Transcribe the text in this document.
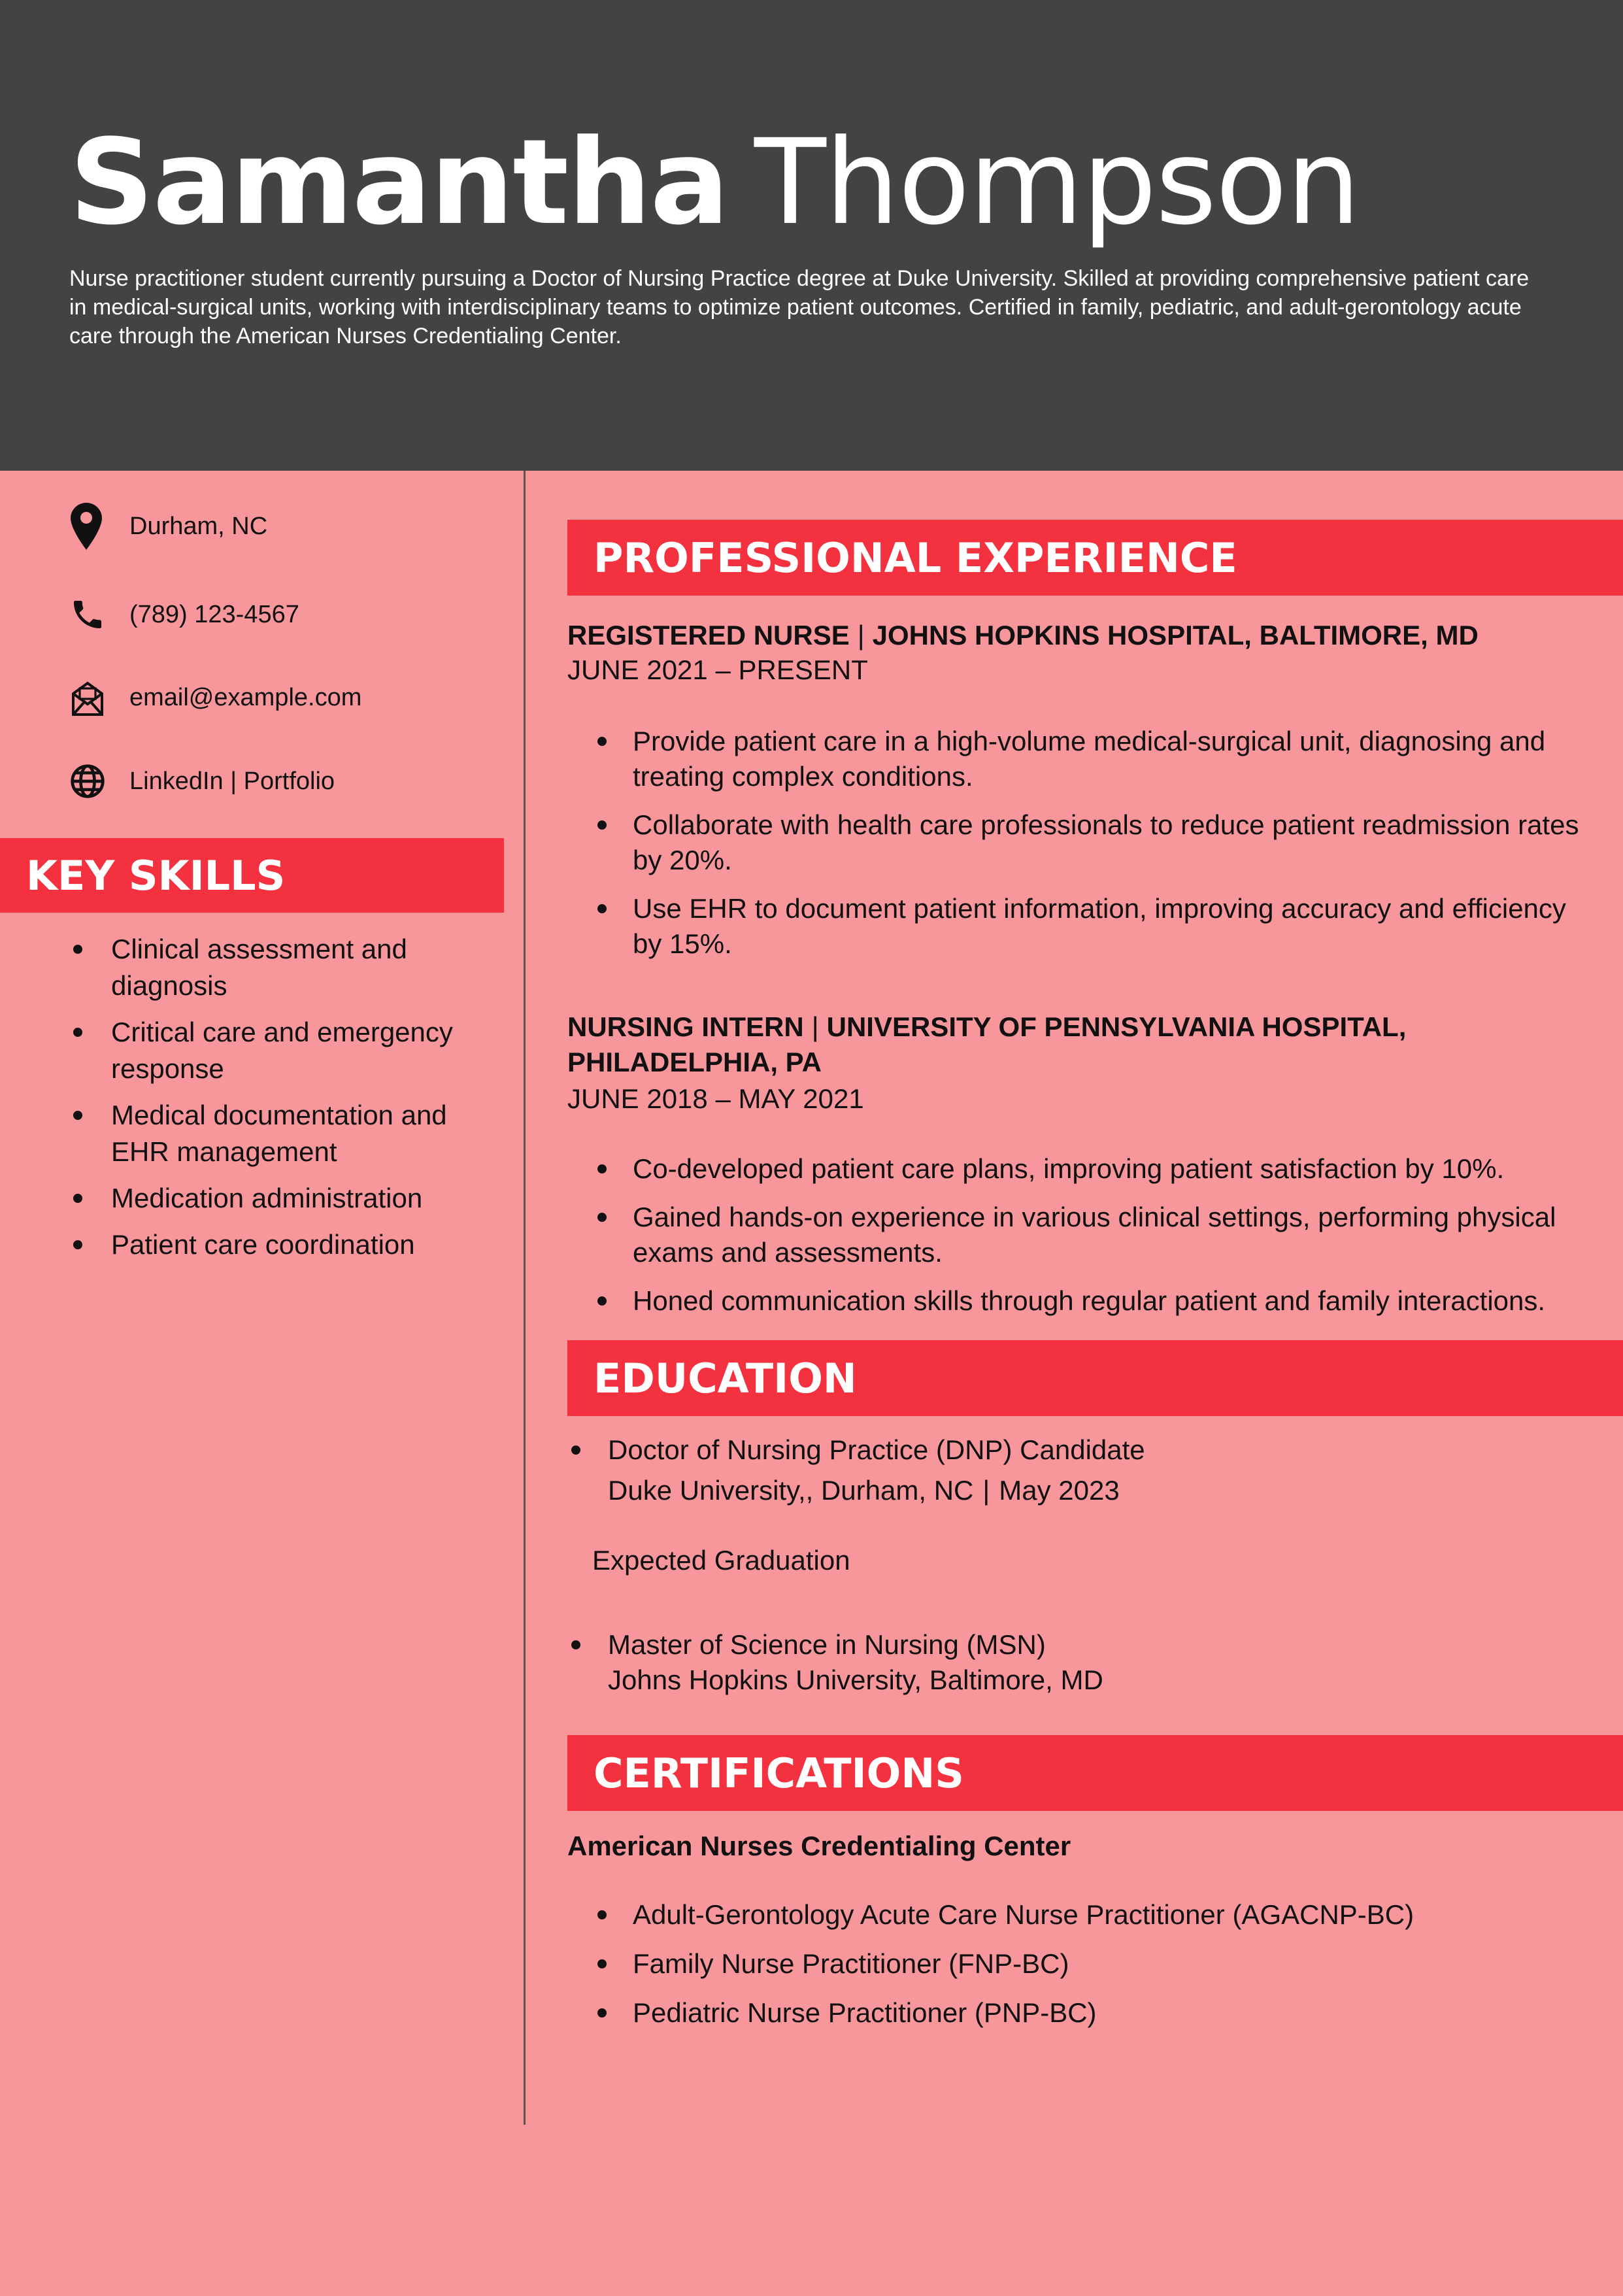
Samantha Thompson
Nurse practitioner student currently pursuing a Doctor of Nursing Practice degree at Duke University. Skilled at providing comprehensive patient care in medical-surgical units, working with interdisciplinary teams to optimize patient outcomes. Certified in family, pediatric, and adult-gerontology acute care through the American Nurses Credentialing Center.
Durham, NC
(789) 123-4567
email@example.com
LinkedIn | Portfolio
KEY SKILLS
Clinical assessment and diagnosis
Critical care and emergency response
Medical documentation and EHR management
Medication administration
Patient care coordination
PROFESSIONAL EXPERIENCE
REGISTERED NURSE | JOHNS HOPKINS HOSPITAL, BALTIMORE, MD
JUNE 2021 – PRESENT
Provide patient care in a high-volume medical-surgical unit, diagnosing and treating complex conditions.
Collaborate with health care professionals to reduce patient readmission rates by 20%.
Use EHR to document patient information, improving accuracy and efficiency by 15%.
NURSING INTERN | UNIVERSITY OF PENNSYLVANIA HOSPITAL, PHILADELPHIA, PA
JUNE 2018 – MAY 2021
Co-developed patient care plans, improving patient satisfaction by 10%.
Gained hands-on experience in various clinical settings, performing physical exams and assessments.
Honed communication skills through regular patient and family interactions.
EDUCATION
Doctor of Nursing Practice (DNP) Candidate
Duke University,, Durham, NC | May 2023
Expected Graduation
Master of Science in Nursing (MSN)
Johns Hopkins University, Baltimore, MD
CERTIFICATIONS
American Nurses Credentialing Center
Adult-Gerontology Acute Care Nurse Practitioner (AGACNP-BC)
Family Nurse Practitioner (FNP-BC)
Pediatric Nurse Practitioner (PNP-BC)
